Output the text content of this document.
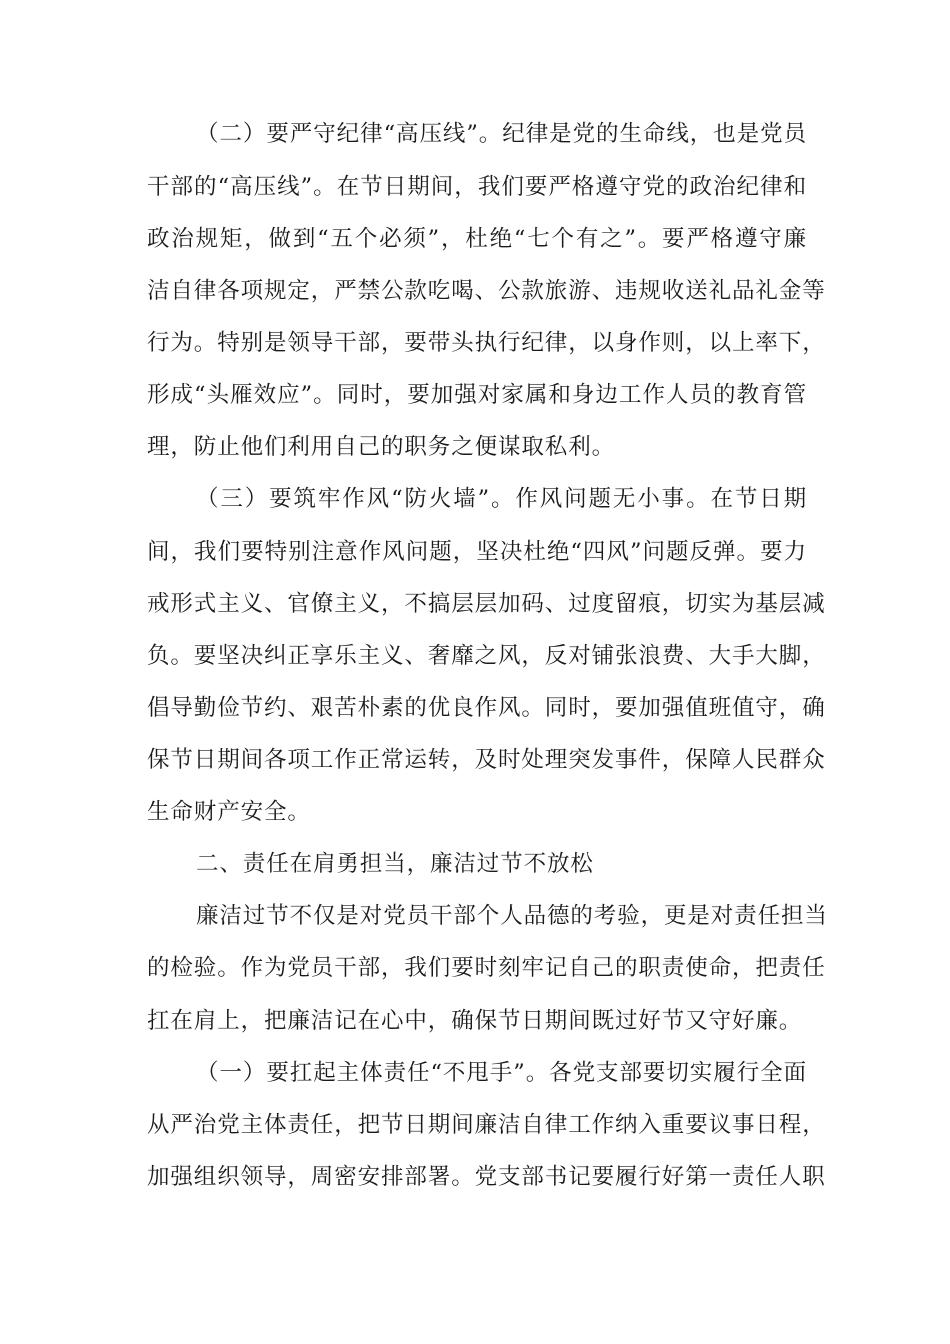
（二）要严守纪律“高压线”。纪律是党的生命线，也是党员
干部的“高压线”。在节日期间，我们要严格遵守党的政治纪律和
政治规矩，做到“五个必须”，杜绝“七个有之”。要严格遵守廉
洁自律各项规定，严禁公款吃喝、公款旅游、违规收送礼品礼金等
行为。特别是领导干部，要带头执行纪律，以身作则，以上率下，
形成“头雁效应”。同时，要加强对家属和身边工作人员的教育管
理，防止他们利用自己的职务之便谋取私利。
（三）要筑牢作风“防火墙”。作风问题无小事。在节日期
间，我们要特别注意作风问题，坚决杜绝“四风”问题反弹。要力
戒形式主义、官僚主义，不搞层层加码、过度留痕，切实为基层减
负。要坚决纠正享乐主义、奢靡之风，反对铺张浪费、大手大脚，
倡导勤俭节约、艰苦朴素的优良作风。同时，要加强值班值守，确
保节日期间各项工作正常运转，及时处理突发事件，保障人民群众
生命财产安全。
二、责任在肩勇担当，廉洁过节不放松
廉洁过节不仅是对党员干部个人品德的考验，更是对责任担当
的检验。作为党员干部，我们要时刻牢记自己的职责使命，把责任
扛在肩上，把廉洁记在心中，确保节日期间既过好节又守好廉。
（一）要扛起主体责任“不甩手”。各党支部要切实履行全面
从严治党主体责任，把节日期间廉洁自律工作纳入重要议事日程，
加强组织领导，周密安排部署。党支部书记要履行好第一责任人职
